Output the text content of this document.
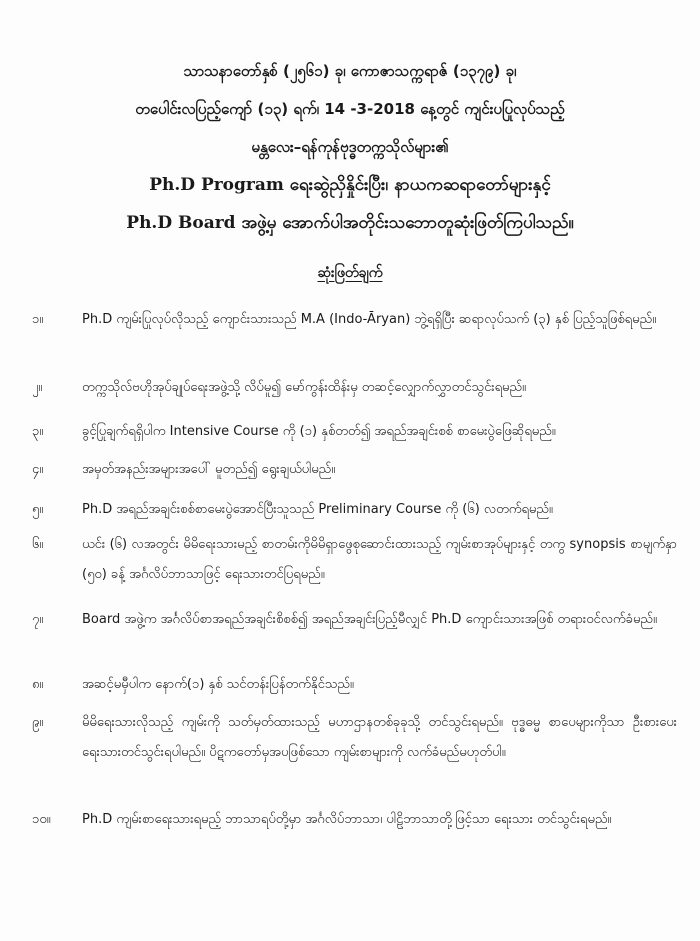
သာသနာတော်နှစ် (၂၅၆၁) ခု၊ ကောဇာသက္ကရာဇ် (၁၃၇၉) ခု၊
တပေါင်းလပြည့်ကျော် (၁၃) ရက်၊ 14 -3-2018 နေ့တွင် ကျင်းပပြုလုပ်သည့်
မန္တလေး–ရန်ကုန်ဗုဒ္ဓတက္ကသိုလ်များ၏
Ph.D Program ရေးဆွဲညှိနှိုင်းပြီး၊ နာယကဆရာတော်များနှင့်
Ph.D Board အဖွဲ့မှ အောက်ပါအတိုင်းသဘောတူဆုံးဖြတ်ကြပါသည်။
ဆုံးဖြတ်ချက်
၁။	Ph.D ကျမ်းပြုလုပ်လိုသည့် ကျောင်းသားသည် M.A (Indo-Āryan) ဘွဲ့ရရှိပြီး ဆရာလုပ်သက် (၃) နှစ် ပြည့်သူဖြစ်ရမည်။
၂။	တက္ကသိုလ်ဗဟိုအုပ်ချုပ်ရေးအဖွဲ့သို့ လိပ်မူ၍ မော်ကွန်းထိန်းမှ တဆင့်လျှောက်လွှာတင်သွင်းရမည်။
၃။	ခွင့်ပြုချက်ရရှိပါက Intensive Course ကို (၁) နှစ်တတ်၍ အရည်အချင်းစစ် စာမေးပွဲဖြေဆိုရမည်။
၄။	အမှတ်အနည်းအများအပေါ် မူတည်၍ ရွေးချယ်ပါမည်။
၅။	Ph.D အရည်အချင်းစစ်စာမေးပွဲအောင်ပြီးသူသည် Preliminary Course ကို (၆) လတက်ရမည်။
၆။	ယင်း (၆) လအတွင်း မိမိရေးသားမည့် စာတမ်းကိုမိမိရှာဖွေစုဆောင်းထားသည့် ကျမ်းစာအုပ်များနှင့် တကွ synopsis စာမျက်နှာ (၅၀) ခန့် အင်္ဂလိပ်ဘာသာဖြင့် ရေးသားတင်ပြရမည်။
၇။	Board အဖွဲ့က အင်္ဂလိပ်စာအရည်အချင်းစိစစ်၍ အရည်အချင်းပြည့်မီလျှင် Ph.D ကျောင်းသားအဖြစ် တရားဝင်လက်ခံမည်။
၈။	အဆင့်မမှီပါက နောက်(၁) နှစ် သင်တန်းပြန်တက်နိုင်သည်။
၉။	မိမိရေးသားလိုသည့် ကျမ်းကို သတ်မှတ်ထားသည့် မဟာဌာနတစ်ခုခုသို့ တင်သွင်းရမည်။ ဗုဒ္ဓဓမ္မ စာပေများကိုသာ ဦးစားပေးရေးသားတင်သွင်းရပါမည်။ ပိဋကတော်မှအပဖြစ်သော ကျမ်းစာများကို လက်ခံမည်မဟုတ်ပါ။
၁၀။	Ph.D ကျမ်းစာရေးသားရမည့် ဘာသာရပ်တို့မှာ အင်္ဂလိပ်ဘာသာ၊ ပါဠိဘာသာတို့ဖြင့်သာ ရေးသား တင်သွင်းရမည်။
